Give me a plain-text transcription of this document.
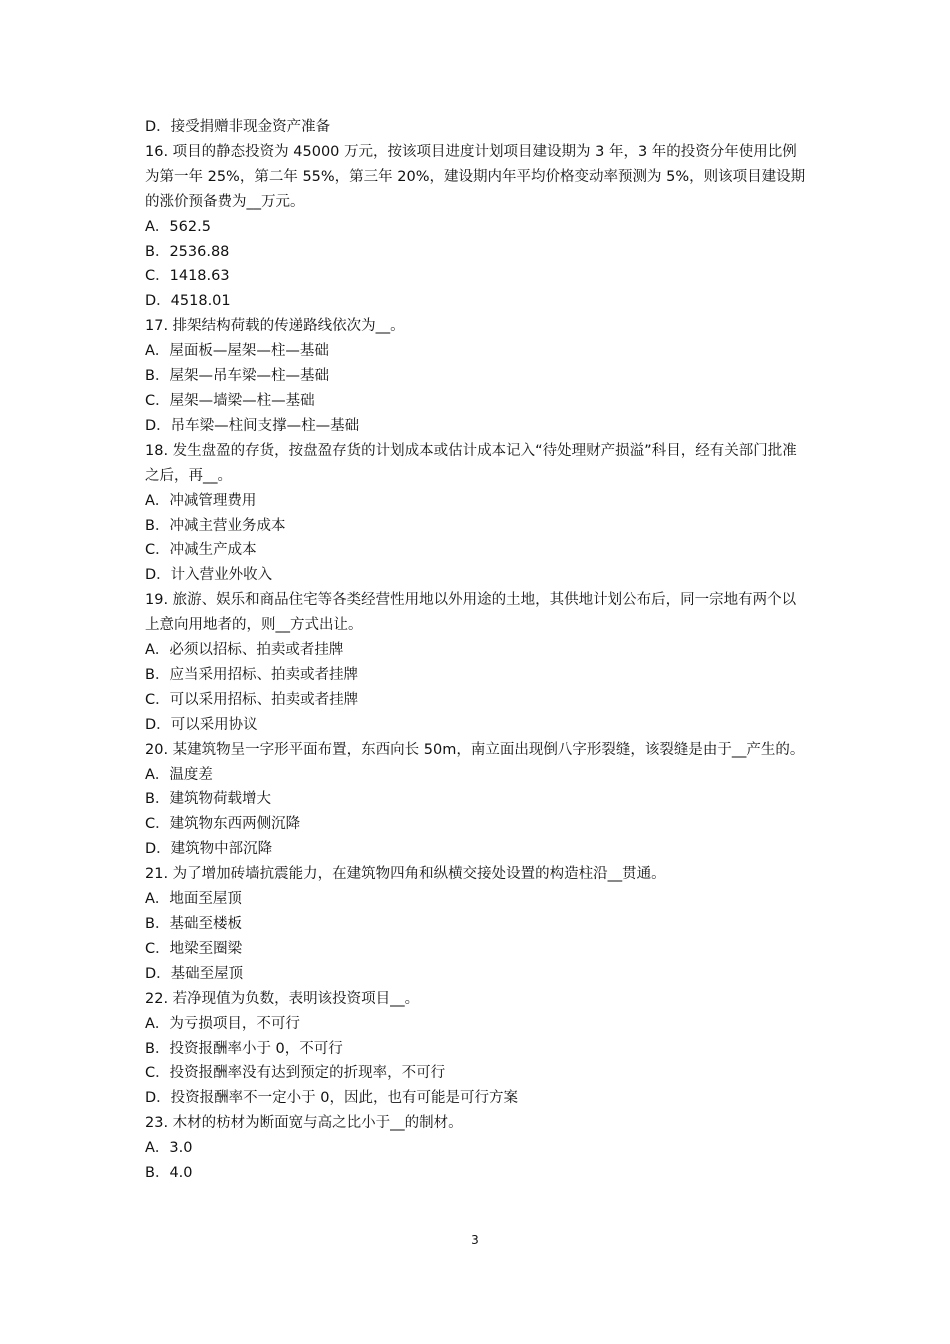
D．接受捐赠非现金资产准备
16. 项目的静态投资为 45000 万元，按该项目进度计划项目建设期为 3 年，3 年的投资分年使用比例为第一年 25%，第二年 55%，第三年 20%，建设期内年平均价格变动率预测为 5%，则该项目建设期的涨价预备费为__万元。
A．562.5
B．2536.88
C．1418.63
D．4518.01
17. 排架结构荷载的传递路线依次为__。
A．屋面板—屋架—柱—基础
B．屋架—吊车梁—柱—基础
C．屋架—墙梁—柱—基础
D．吊车梁—柱间支撑—柱—基础
18. 发生盘盈的存货，按盘盈存货的计划成本或估计成本记入“待处理财产损溢”科目，经有关部门批准之后，再__。
A．冲减管理费用
B．冲减主营业务成本
C．冲减生产成本
D．计入营业外收入
19. 旅游、娱乐和商品住宅等各类经营性用地以外用途的土地，其供地计划公布后，同一宗地有两个以上意向用地者的，则__方式出让。
A．必须以招标、拍卖或者挂牌
B．应当采用招标、拍卖或者挂牌
C．可以采用招标、拍卖或者挂牌
D．可以采用协议
20. 某建筑物呈一字形平面布置，东西向长 50m，南立面出现倒八字形裂缝，该裂缝是由于__产生的。
A．温度差
B．建筑物荷载增大
C．建筑物东西两侧沉降
D．建筑物中部沉降
21. 为了增加砖墙抗震能力，在建筑物四角和纵横交接处设置的构造柱沿__贯通。
A．地面至屋顶
B．基础至楼板
C．地梁至圈梁
D．基础至屋顶
22. 若净现值为负数，表明该投资项目__。
A．为亏损项目，不可行
B．投资报酬率小于 0，不可行
C．投资报酬率没有达到预定的折现率，不可行
D．投资报酬率不一定小于 0，因此，也有可能是可行方案
23. 木材的枋材为断面宽与高之比小于__的制材。
A．3.0
B．4.0
3
